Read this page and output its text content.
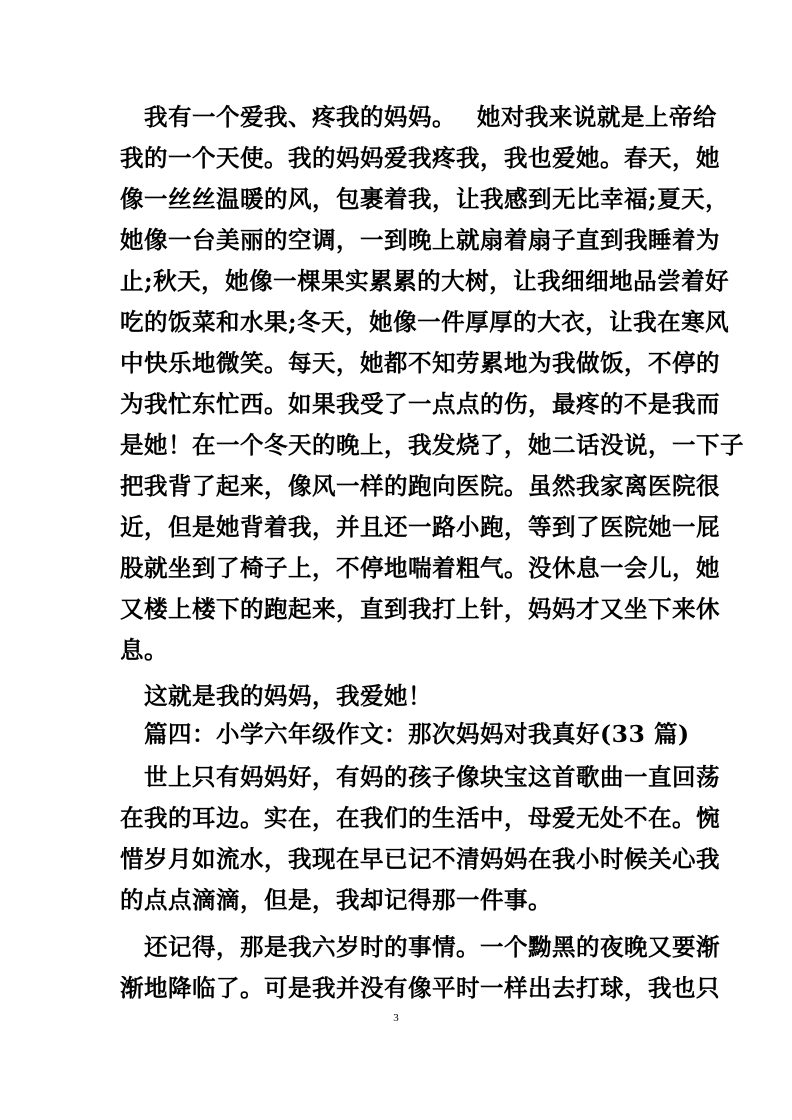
　我有一个爱我、疼我的妈妈。　 她对我来说就是上帝给
我的一个天使。我的妈妈爱我疼我，我也爱她。春天，她
像一丝丝温暖的风，包裹着我，让我感到无比幸福;夏天，
她像一台美丽的空调，一到晚上就扇着扇子直到我睡着为
止;秋天，她像一棵果实累累的大树，让我细细地品尝着好
吃的饭菜和水果;冬天，她像一件厚厚的大衣，让我在寒风
中快乐地微笑。每天，她都不知劳累地为我做饭，不停的
为我忙东忙西。如果我受了一点点的伤，最疼的不是我而
是她！在一个冬天的晚上，我发烧了，她二话没说，一下子
把我背了起来，像风一样的跑向医院。虽然我家离医院很
近，但是她背着我，并且还一路小跑，等到了医院她一屁
股就坐到了椅子上，不停地喘着粗气。没休息一会儿，她
又楼上楼下的跑起来，直到我打上针，妈妈才又坐下来休
息。
　这就是我的妈妈，我爱她！
　篇四：小学六年级作文：那次妈妈对我真好(33 篇)
　世上只有妈妈好，有妈的孩子像块宝这首歌曲一直回荡
在我的耳边。实在，在我们的生活中，母爱无处不在。惋
惜岁月如流水，我现在早已记不清妈妈在我小时候关心我
的点点滴滴，但是，我却记得那一件事。
　还记得，那是我六岁时的事情。一个黝黑的夜晚又要渐
渐地降临了。可是我并没有像平时一样出去打球，我也只
3
